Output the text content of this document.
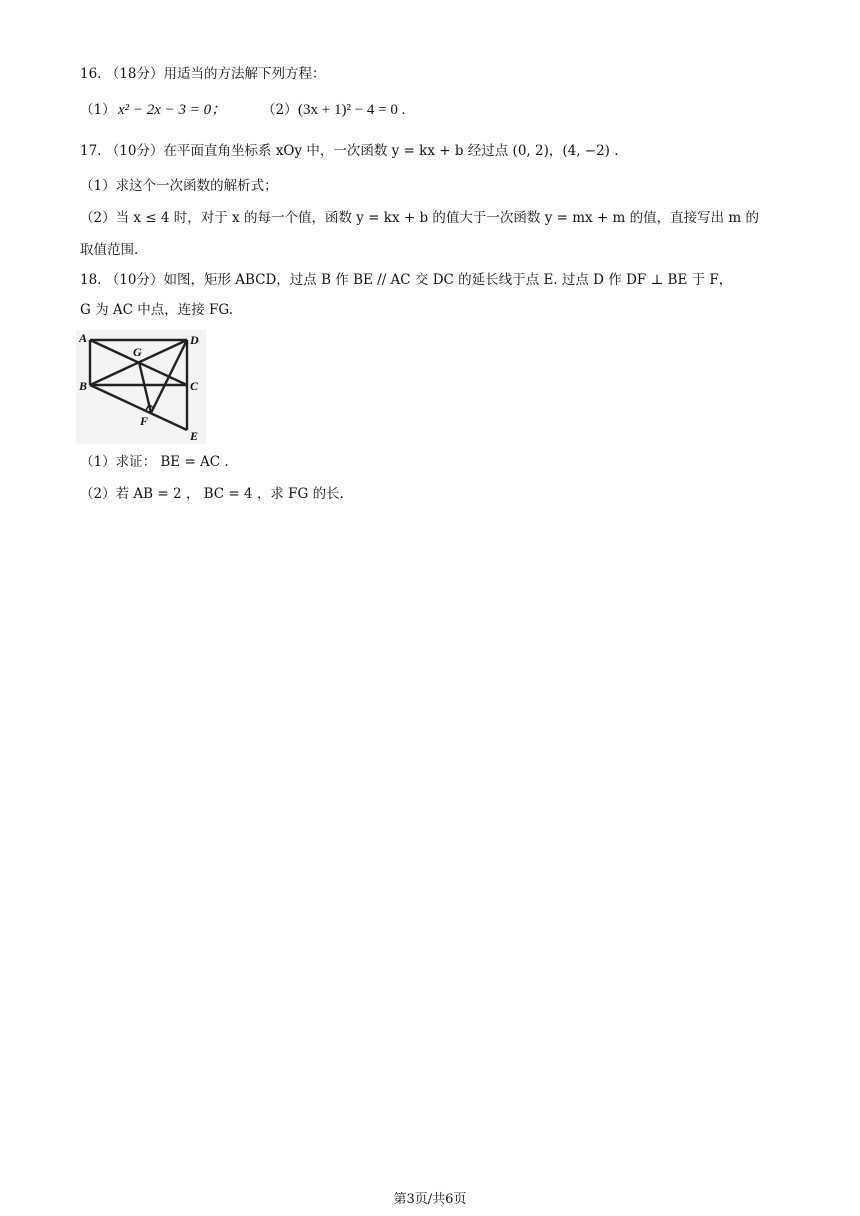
16. （18分）用适当的方法解下列方程：
（1） x² − 2x − 3 = 0；	（2） (3x + 1)² − 4 = 0 .
17. （10分）在平面直角坐标系 xOy 中，一次函数 y = kx + b 经过点 (0, 2)，(4, −2) .
（1）求这个一次函数的解析式；
（2）当 x ≤ 4 时，对于 x 的每一个值，函数 y = kx + b 的值大于一次函数 y = mx + m 的值，直接写出 m 的
取值范围.
18. （10分）如图，矩形 ABCD，过点 B 作 BE // AC 交 DC 的延长线于点 E. 过点 D 作 DF ⊥ BE 于 F，
G 为 AC 中点，连接 FG.
A	D
G
B	C
F
E
（1）求证： BE = AC .
（2）若 AB = 2 ， BC = 4 ，求 FG 的长.
第3页/共6页
